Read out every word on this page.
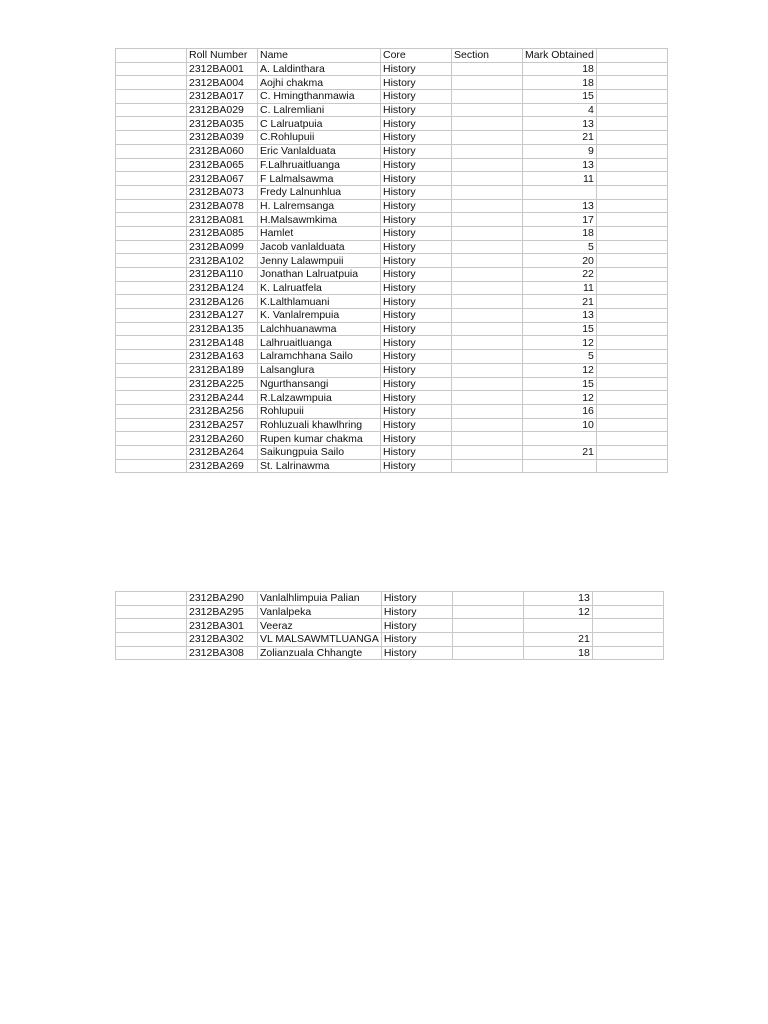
	Roll Number	Name	Core	Section	Mark Obtained	
	2312BA001	A. Laldinthara	History		18	
	2312BA004	Aojhi chakma	History		18	
	2312BA017	C. Hmingthanmawia	History		15	
	2312BA029	C. Lalremliani	History		4	
	2312BA035	C Lalruatpuia	History		13	
	2312BA039	C.Rohlupuii	History		21	
	2312BA060	Eric Vanlalduata	History		9	
	2312BA065	F.Lalhruaitluanga	History		13	
	2312BA067	F Lalmalsawma	History		11	
	2312BA073	Fredy Lalnunhlua	History			
	2312BA078	H. Lalremsanga	History		13	
	2312BA081	H.Malsawmkima	History		17	
	2312BA085	Hamlet	History		18	
	2312BA099	Jacob vanlalduata	History		5	
	2312BA102	Jenny Lalawmpuii	History		20	
	2312BA110	Jonathan Lalruatpuia	History		22	
	2312BA124	K. Lalruatfela	History		11	
	2312BA126	K.Lalthlamuani	History		21	
	2312BA127	K. Vanlalrempuia	History		13	
	2312BA135	Lalchhuanawma	History		15	
	2312BA148	Lalhruaitluanga	History		12	
	2312BA163	Lalramchhana Sailo	History		5	
	2312BA189	Lalsanglura	History		12	
	2312BA225	Ngurthansangi	History		15	
	2312BA244	R.Lalzawmpuia	History		12	
	2312BA256	Rohlupuii	History		16	
	2312BA257	Rohluzuali khawlhring	History		10	
	2312BA260	Rupen kumar chakma	History			
	2312BA264	Saikungpuia Sailo	History		21	
	2312BA269	St. Lalrinawma	History			
	2312BA290	Vanlalhlimpuia Palian	History		13	
	2312BA295	Vanlalpeka	History		12	
	2312BA301	Veeraz	History			
	2312BA302	VL MALSAWMTLUANGA	History		21	
	2312BA308	Zolianzuala Chhangte	History		18	
